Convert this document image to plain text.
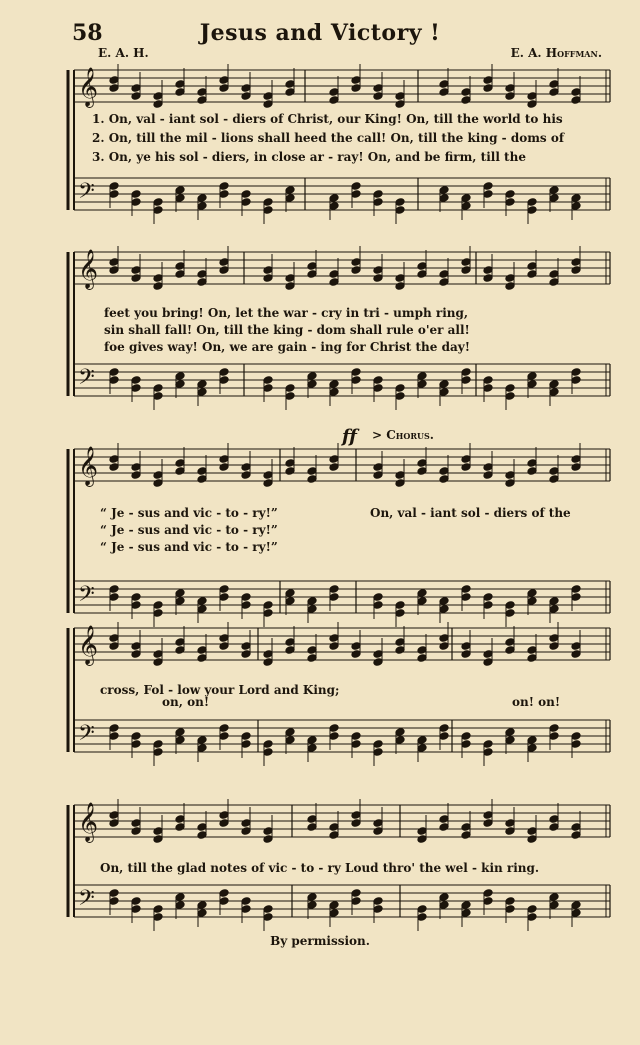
58	Jesus and Victory !
E. A. H.	E. A. Hoffman.
𝄞
𝄢
𝄞
𝄢
𝄞
𝄢
𝄞
𝄢
𝄞
𝄢
1. On, val - iant sol - diers of Christ, our King! On, till the world to his
2. On, till the mil - lions shall heed the call! On, till the king - doms of
3. On, ye his sol - diers, in close ar - ray! On, and be firm, till the
feet you bring! On, let the war - cry in tri - umph ring,
sin shall fall! On, till the king - dom shall rule o'er all!
foe gives way! On, we are gain - ing for Christ the day!
ff > Chorus.
“ Je - sus and vic - to - ry!”
“ Je - sus and vic - to - ry!”
“ Je - sus and vic - to - ry!”
On, val - iant sol - diers of the
cross, Fol - low your Lord and King;
on, on!	on! on!
On, till the glad notes of vic - to - ry Loud thro' the wel - kin ring.
By permission.
